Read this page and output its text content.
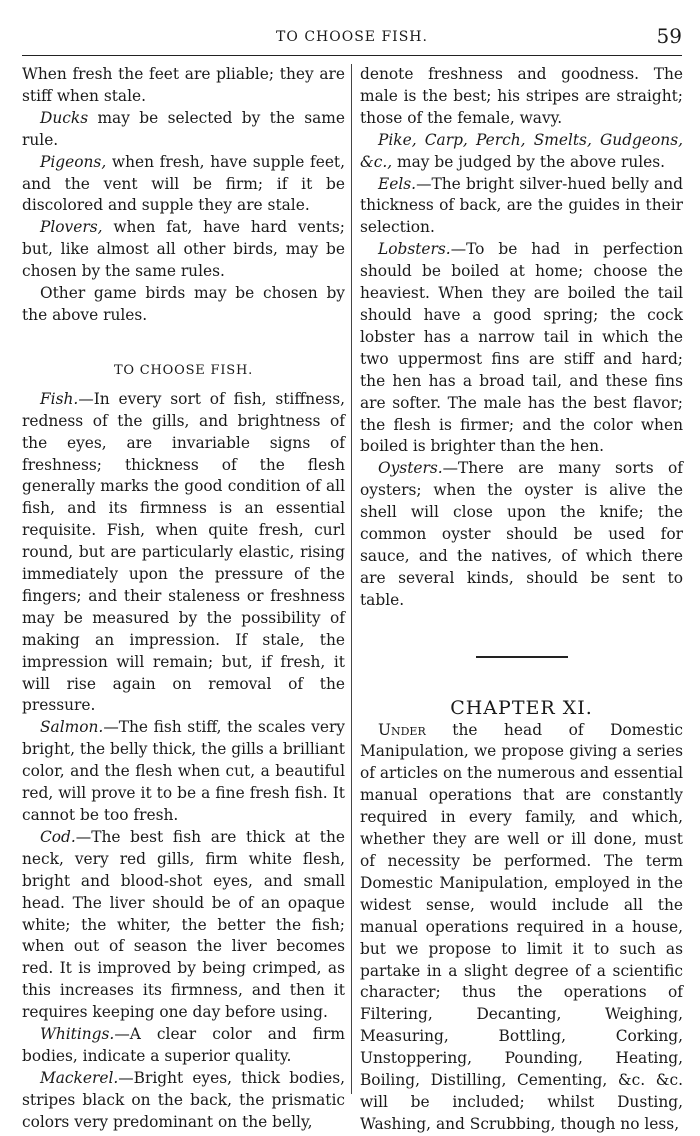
TO CHOOSE FISH.	59

When fresh the feet are pliable; they are stiff when stale.

Ducks may be selected by the same rule.

Pigeons, when fresh, have supple feet, and the vent will be firm; if it be discolored and supple they are stale.

Plovers, when fat, have hard vents; but, like almost all other birds, may be chosen by the same rules.

Other game birds may be chosen by the above rules.

TO CHOOSE FISH.

Fish.—In every sort of fish, stiffness, redness of the gills, and brightness of the eyes, are invariable signs of freshness; thickness of the flesh generally marks the good condition of all fish, and its firmness is an essential requisite. Fish, when quite fresh, curl round, but are particularly elastic, rising immediately upon the pressure of the fingers; and their staleness or freshness may be measured by the possibility of making an impression. If stale, the impression will remain; but, if fresh, it will rise again on removal of the pressure.

Salmon.—The fish stiff, the scales very bright, the belly thick, the gills a brilliant color, and the flesh when cut, a beautiful red, will prove it to be a fine fresh fish. It cannot be too fresh.

Cod.—The best fish are thick at the neck, very red gills, firm white flesh, bright and blood-shot eyes, and small head. The liver should be of an opaque white; the whiter, the better the fish; when out of season the liver becomes red. It is improved by being crimped, as this increases its firmness, and then it requires keeping one day before using.

Whitings.—A clear color and firm bodies, indicate a superior quality.

Mackerel.—Bright eyes, thick bodies, stripes black on the back, the prismatic colors very predominant on the belly,

denote freshness and goodness. The male is the best; his stripes are straight; those of the female, wavy.

Pike, Carp, Perch, Smelts, Gudgeons, &c., may be judged by the above rules.

Eels.—The bright silver-hued belly and thickness of back, are the guides in their selection.

Lobsters.—To be had in perfection should be boiled at home; choose the heaviest. When they are boiled the tail should have a good spring; the cock lobster has a narrow tail in which the two uppermost fins are stiff and hard; the hen has a broad tail, and these fins are softer. The male has the best flavor; the flesh is firmer; and the color when boiled is brighter than the hen.

Oysters.—There are many sorts of oysters; when the oyster is alive the shell will close upon the knife; the common oyster should be used for sauce, and the natives, of which there are several kinds, should be sent to table.

CHAPTER XI.

Under the head of Domestic Manipulation, we propose giving a series of articles on the numerous and essential manual operations that are constantly required in every family, and which, whether they are well or ill done, must of necessity be performed. The term Domestic Manipulation, employed in the widest sense, would include all the manual operations required in a house, but we propose to limit it to such as partake in a slight degree of a scientific character; thus the operations of Filtering, Decanting, Weighing, Measuring, Bottling, Corking, Unstoppering, Pounding, Heating, Boiling, Distilling, Cementing, &c. &c. will be included; whilst Dusting, Washing, and Scrubbing, though no less,
